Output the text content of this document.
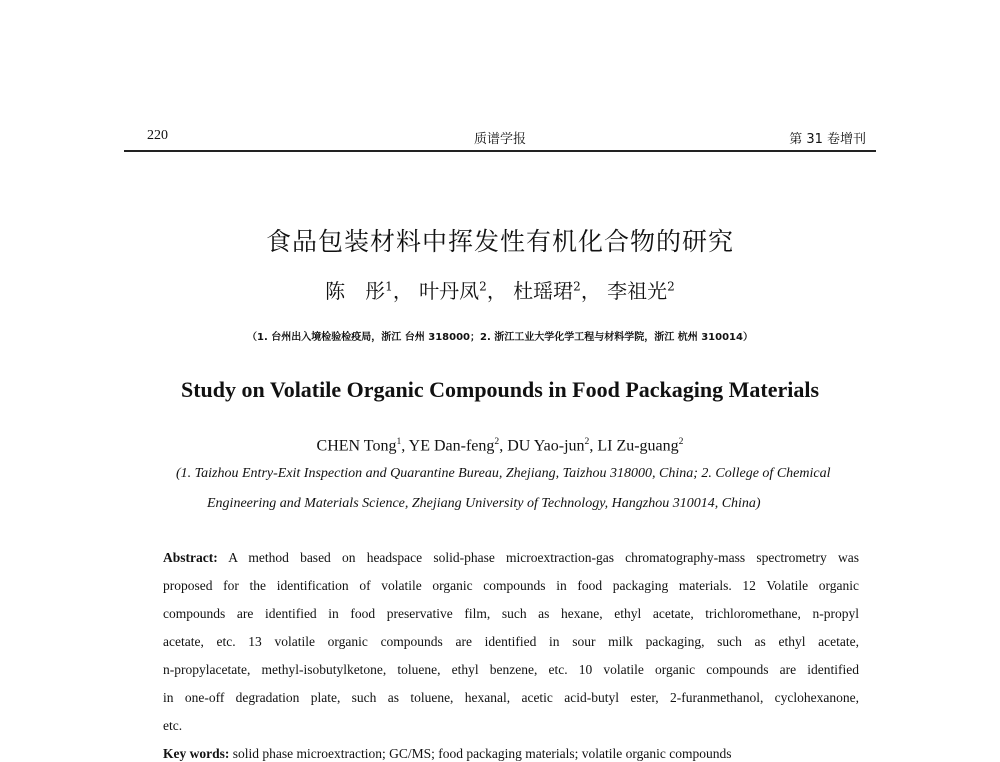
220	质谱学报	第 31 卷增刊
食品包装材料中挥发性有机化合物的研究
陈　彤$^1$， 叶丹凤$^2$， 杜瑶珺$^2$， 李祖光$^2$
（1. 台州出入境检验检疫局，浙江 台州 318000；2. 浙江工业大学化学工程与材料学院，浙江 杭州 310014）
Study on Volatile Organic Compounds in Food Packaging Materials
CHEN Tong$^1$, YE Dan-feng$^2$, DU Yao-jun$^2$, LI Zu-guang$^2$
(1. Taizhou Entry-Exit Inspection and Quarantine Bureau, Zhejiang, Taizhou 318000, China; 2. College of Chemical
Engineering and Materials Science, Zhejiang University of Technology, Hangzhou 310014, China)
Abstract: A method based on headspace solid-phase microextraction-gas chromatography-mass spectrometry was
proposed for the identification of volatile organic compounds in food packaging materials. 12 Volatile organic
compounds are identified in food preservative film, such as hexane, ethyl acetate, trichloromethane, n-propyl
acetate, etc. 13 volatile organic compounds are identified in sour milk packaging, such as ethyl acetate,
n-propylacetate, methyl-isobutylketone, toluene, ethyl benzene, etc. 10 volatile organic compounds are identified
in one-off degradation plate, such as toluene, hexanal, acetic acid-butyl ester, 2-furanmethanol, cyclohexanone,
etc.
Key words: solid phase microextraction; GC/MS; food packaging materials; volatile organic compounds
